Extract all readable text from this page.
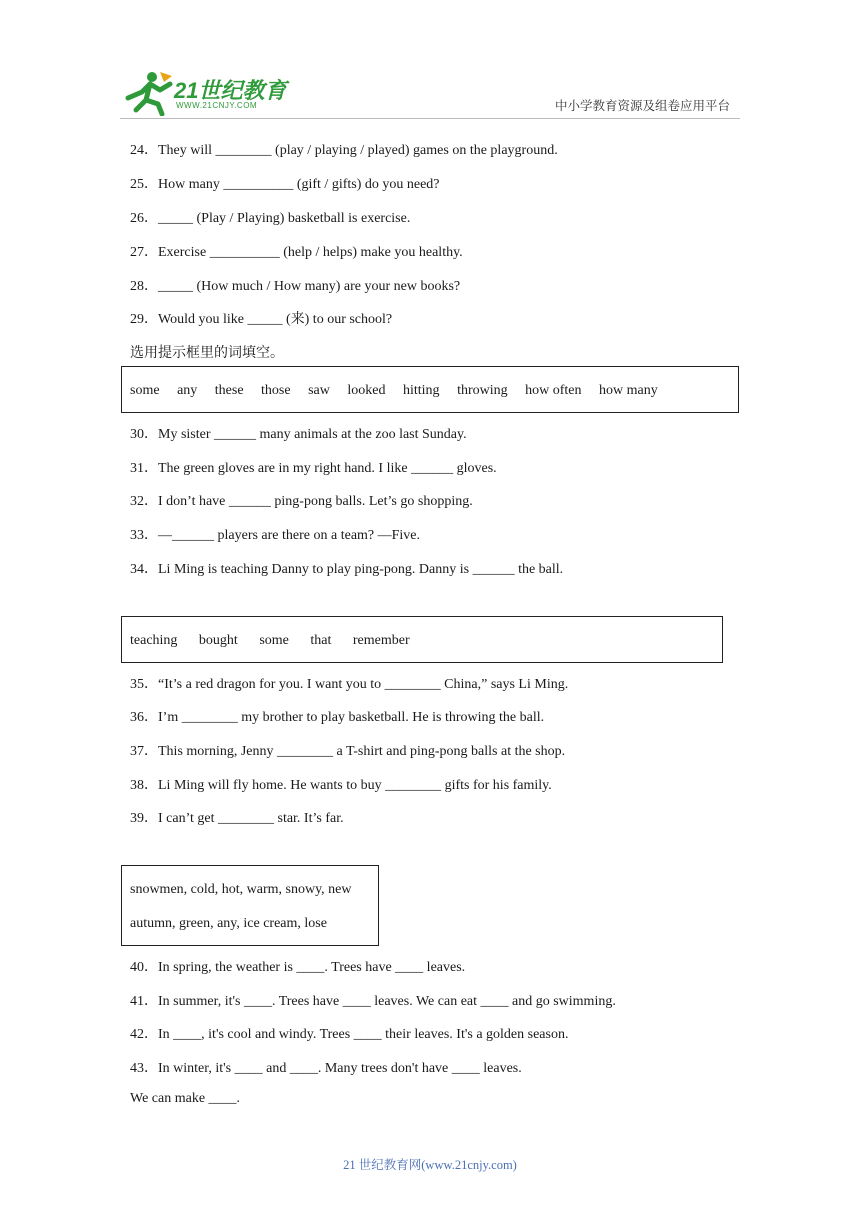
21世纪教育
WWW.21CNJY.COM	中小学教育资源及组卷应用平台
24．They will ________ (play / playing / played) games on the playground.
25．How many __________ (gift / gifts) do you need?
26．_____ (Play / Playing) basketball is exercise.
27．Exercise __________ (help / helps) make you healthy.
28．_____ (How much / How many) are your new books?
29．Would you like _____ (来) to our school?
选用提示框里的词填空。
some any these those saw looked hitting throwing how often how many
30．My sister ______ many animals at the zoo last Sunday.
31．The green gloves are in my right hand. I like ______ gloves.
32．I don’t have ______ ping-pong balls. Let’s go shopping.
33．—______ players are there on a team? —Five.
34．Li Ming is teaching Danny to play ping-pong. Danny is ______ the ball.
teaching bought some that remember
35．“It’s a red dragon for you. I want you to ________ China,” says Li Ming.
36．I’m ________ my brother to play basketball. He is throwing the ball.
37．This morning, Jenny ________ a T-shirt and ping-pong balls at the shop.
38．Li Ming will fly home. He wants to buy ________ gifts for his family.
39．I can’t get ________ star. It’s far.
snowmen, cold, hot, warm, snowy, new
autumn, green, any, ice cream, lose
40．In spring, the weather is ____. Trees have ____ leaves.
41．In summer, it's ____. Trees have ____ leaves. We can eat ____ and go swimming.
42．In ____, it's cool and windy. Trees ____ their leaves. It's a golden season.
43．In winter, it's ____ and ____. Many trees don't have ____ leaves.
We can make ____.
21 世纪教育网(www.21cnjy.com)
